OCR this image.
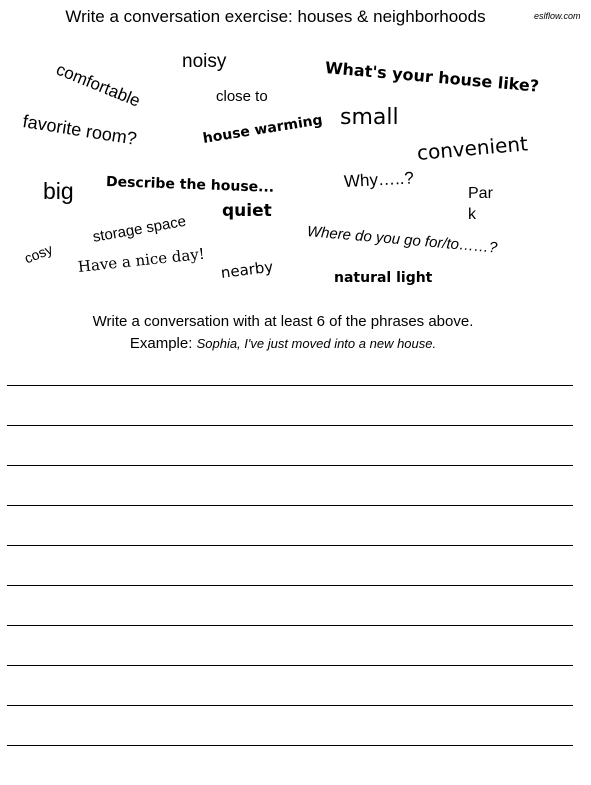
Write a conversation exercise: houses & neighborhoods	eslflow.com
comfortable noisy	What's your house like?
close to
favorite room?	house warming small
convenient
big Describe the house...	Why…..?
Par
k
storage space
quiet
cosy	Where do you go for/to……?
Have a nice day! nearby	natural light
Write a conversation with at least 6 of the phrases above.
Example: Sophia, I've just moved into a new house.
